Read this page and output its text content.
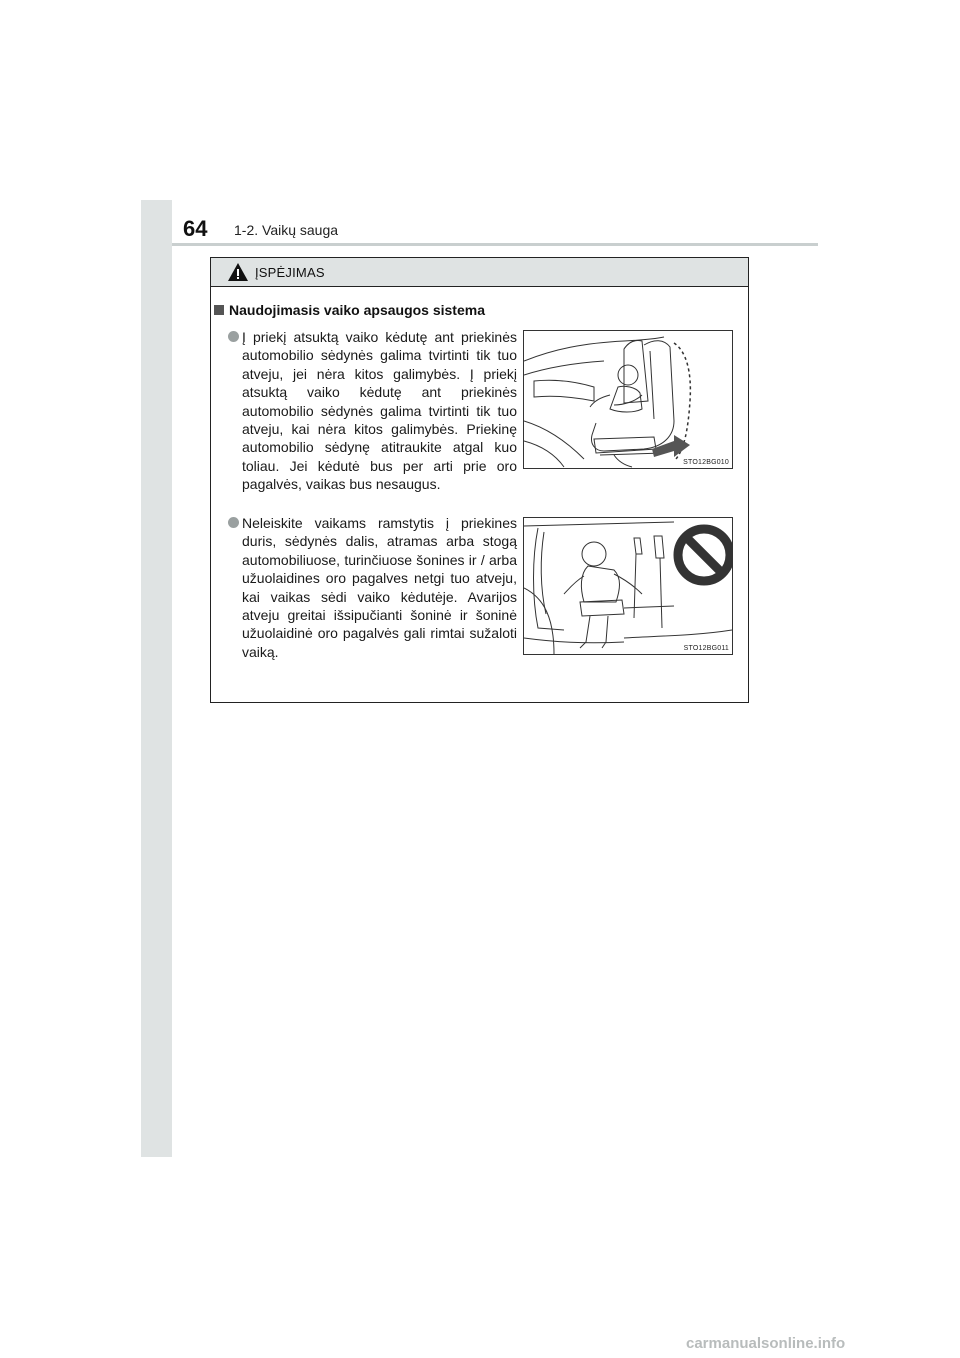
64 1-2. Vaikų sauga
ĮSPĖJIMAS
Naudojimasis vaiko apsaugos sistema

Į priekį atsuktą vaiko kėdutę ant priekinės automobilio sėdynės galima tvirtinti tik tuo atveju, jei nėra kitos galimybės. Į priekį atsuktą vaiko kėdutę ant priekinės automobilio sėdynės galima tvirtinti tik tuo atveju, kai nėra kitos galimybės. Priekinę automobilio sėdynę atitraukite atgal kuo toliau. Jei kėdutė bus per arti prie oro pagalvės, vaikas bus nesaugus.

STO12BG010

Neleiskite vaikams ramstytis į priekines duris, sėdynės dalis, atramas arba stogą automobiliuose, turinčiuose šonines ir / arba užuolaidines oro pagalves netgi tuo atveju, kai vaikas sėdi vaiko kėdutėje. Avarijos atveju greitai išsipučianti šoninė ir šoninė užuolaidinė oro pagalvės gali rimtai sužaloti vaiką.	STO12BG011
carmanualsonline.info
